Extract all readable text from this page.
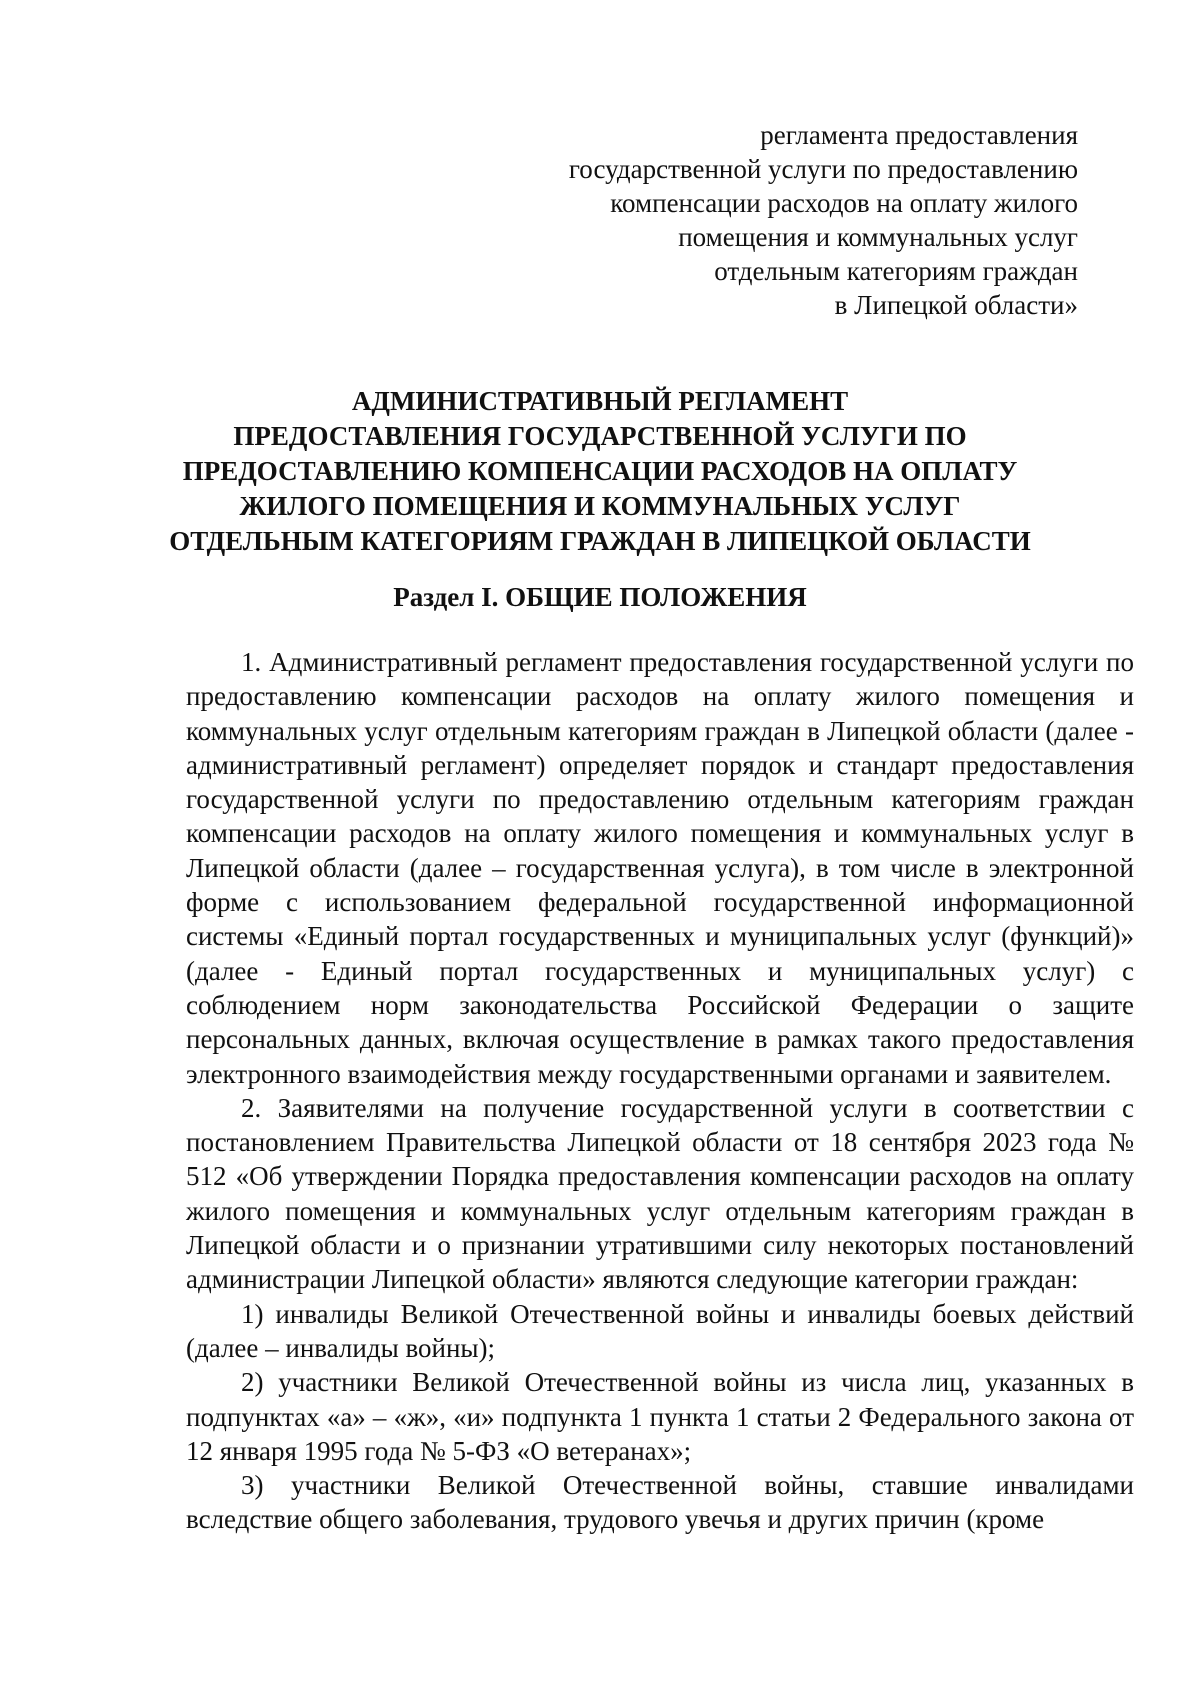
регламента предоставления
государственной услуги по предоставлению
компенсации расходов на оплату жилого
помещения и коммунальных услуг
отдельным категориям граждан
в Липецкой области»
АДМИНИСТРАТИВНЫЙ РЕГЛАМЕНТ
ПРЕДОСТАВЛЕНИЯ ГОСУДАРСТВЕННОЙ УСЛУГИ ПО
ПРЕДОСТАВЛЕНИЮ КОМПЕНСАЦИИ РАСХОДОВ НА ОПЛАТУ
ЖИЛОГО ПОМЕЩЕНИЯ И КОММУНАЛЬНЫХ УСЛУГ
ОТДЕЛЬНЫМ КАТЕГОРИЯМ ГРАЖДАН В ЛИПЕЦКОЙ ОБЛАСТИ
Раздел I. ОБЩИЕ ПОЛОЖЕНИЯ

1. Административный регламент предоставления государственной услуги по предоставлению компенсации расходов на оплату жилого помещения и коммунальных услуг отдельным категориям граждан в Липецкой области (далее - административный регламент) определяет порядок и стандарт предоставления государственной услуги по предоставлению отдельным категориям граждан компенсации расходов на оплату жилого помещения и коммунальных услуг в Липецкой области (далее – государственная услуга), в том числе в электронной форме с использованием федеральной государственной информационной системы «Единый портал государственных и муниципальных услуг (функций)» (далее - Единый портал государственных и муниципальных услуг) с соблюдением норм законодательства Российской Федерации о защите персональных данных, включая осуществление в рамках такого предоставления электронного взаимодействия между государственными органами и заявителем.

2. Заявителями на получение государственной услуги в соответствии с постановлением Правительства Липецкой области от 18 сентября 2023 года № 512 «Об утверждении Порядка предоставления компенсации расходов на оплату жилого помещения и коммунальных услуг отдельным категориям граждан в Липецкой области и о признании утратившими силу некоторых постановлений администрации Липецкой области» являются следующие категории граждан:

1) инвалиды Великой Отечественной войны и инвалиды боевых действий (далее – инвалиды войны);

2) участники Великой Отечественной войны из числа лиц, указанных в подпунктах «а» – «ж», «и» подпункта 1 пункта 1 статьи 2 Федерального закона от 12 января 1995 года № 5-ФЗ «О ветеранах»;

3) участники Великой Отечественной войны, ставшие инвалидами вследствие общего заболевания, трудового увечья и других причин (кроме
